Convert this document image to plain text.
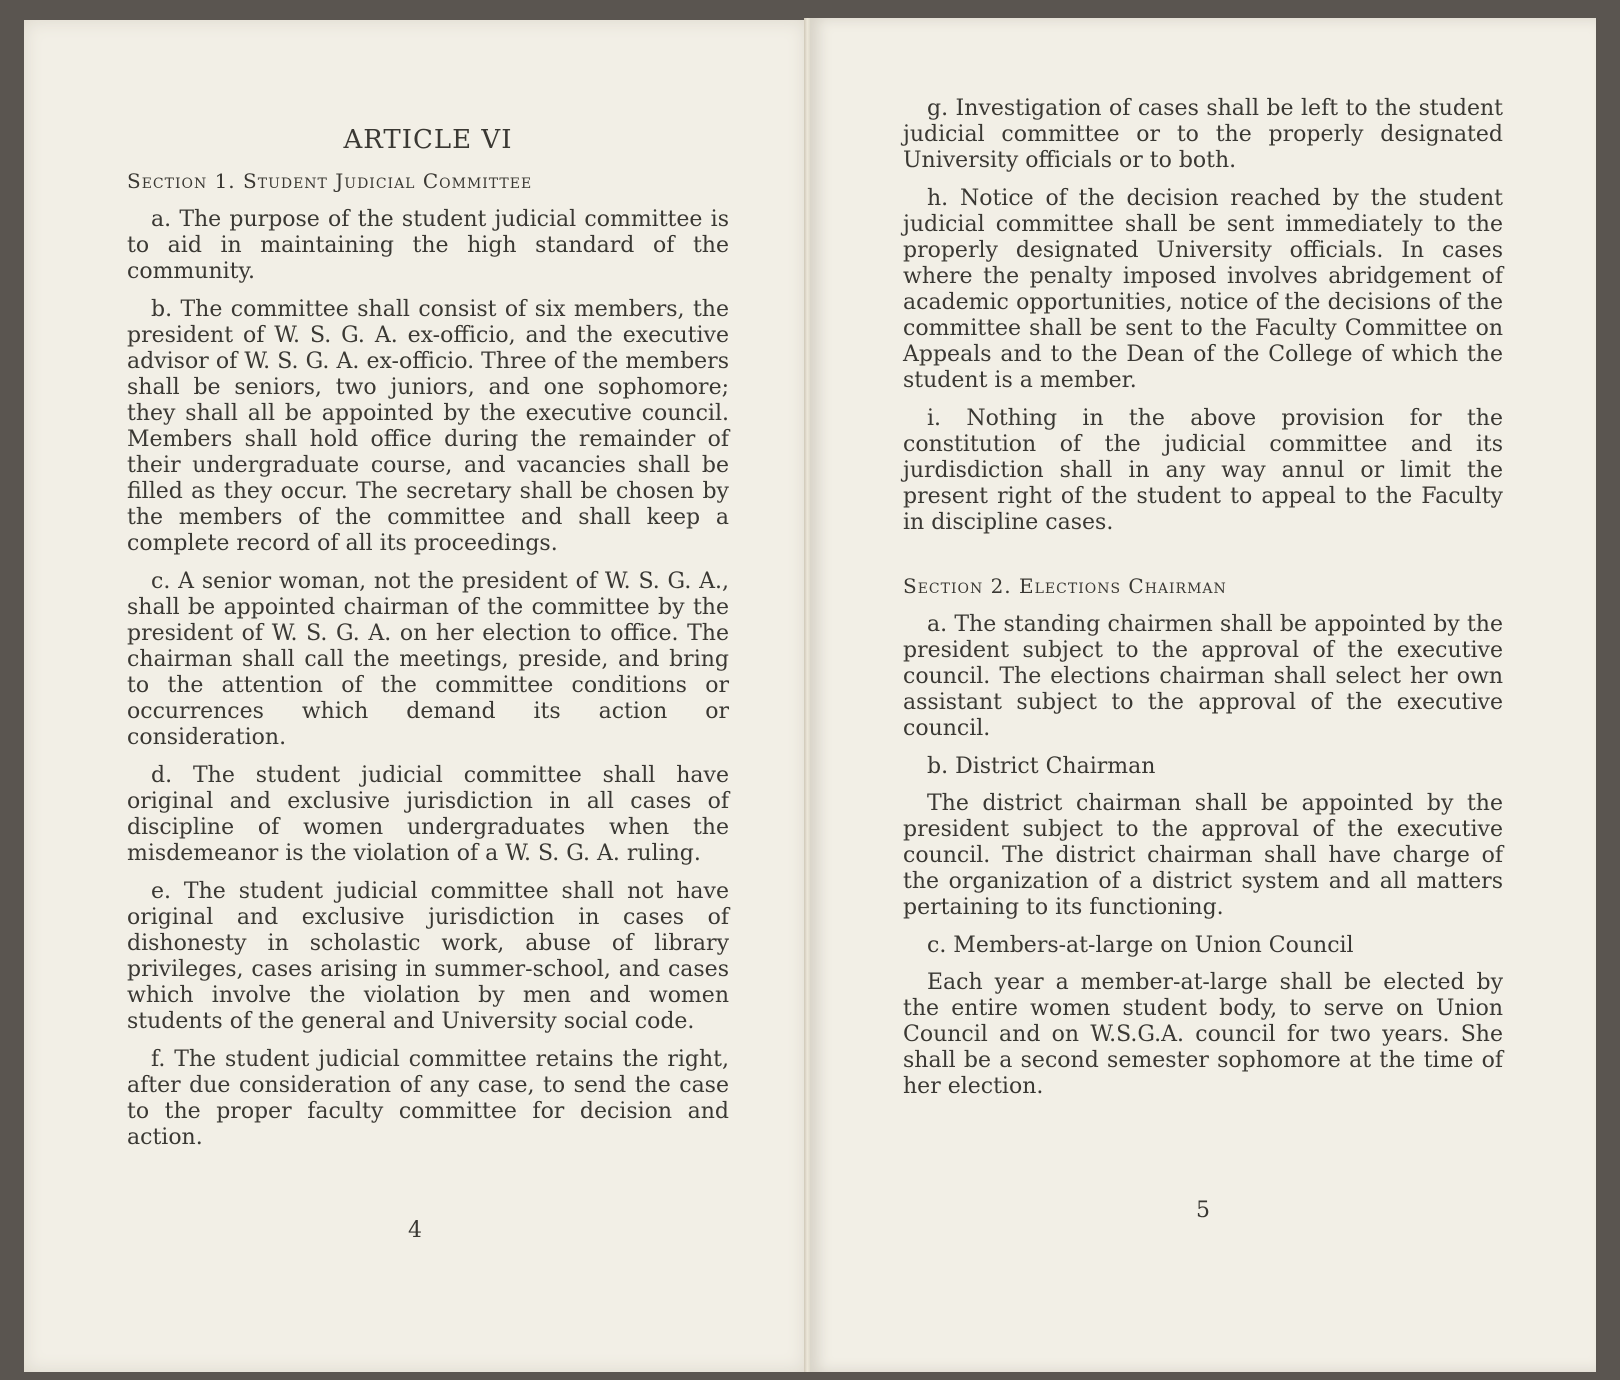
ARTICLE VI
Section 1. Student Judicial Committee

a. The purpose of the student judicial committee is to aid in maintaining the high standard of the community.

b. The committee shall consist of six members, the president of W. S. G. A. ex-officio, and the executive advisor of W. S. G. A. ex-officio. Three of the members shall be seniors, two juniors, and one sophomore; they shall all be appointed by the executive council. Members shall hold office during the remainder of their undergraduate course, and vacancies shall be filled as they occur. The secretary shall be chosen by the members of the committee and shall keep a complete record of all its proceedings.

c. A senior woman, not the president of W. S. G. A., shall be appointed chairman of the committee by the president of W. S. G. A. on her election to office. The chairman shall call the meetings, preside, and bring to the attention of the committee conditions or occurrences which demand its action or consideration.

d. The student judicial committee shall have original and exclusive jurisdiction in all cases of discipline of women undergraduates when the misdemeanor is the violation of a W. S. G. A. ruling.

e. The student judicial committee shall not have original and exclusive jurisdiction in cases of dishonesty in scholastic work, abuse of library privileges, cases arising in summer-school, and cases which involve the violation by men and women students of the general and University social code.

f. The student judicial committee retains the right, after due consideration of any case, to send the case to the proper faculty committee for decision and action.

4

g. Investigation of cases shall be left to the student judicial committee or to the properly designated University officials or to both.

h. Notice of the decision reached by the student judicial committee shall be sent immediately to the properly designated University officials. In cases where the penalty imposed involves abridgement of academic opportunities, notice of the decisions of the committee shall be sent to the Faculty Committee on Appeals and to the Dean of the College of which the student is a member.

i. Nothing in the above provision for the constitution of the judicial committee and its jurdisdiction shall in any way annul or limit the present right of the student to appeal to the Faculty in discipline cases.

Section 2. Elections Chairman

a. The standing chairmen shall be appointed by the president subject to the approval of the executive council. The elections chairman shall select her own assistant subject to the approval of the executive council.

b. District Chairman

The district chairman shall be appointed by the president subject to the approval of the executive council. The district chairman shall have charge of the organization of a district system and all matters pertaining to its functioning.

c. Members-at-large on Union Council

Each year a member-at-large shall be elected by the entire women student body, to serve on Union Council and on W.S.G.A. council for two years. She shall be a second semester sophomore at the time of her election.

5
